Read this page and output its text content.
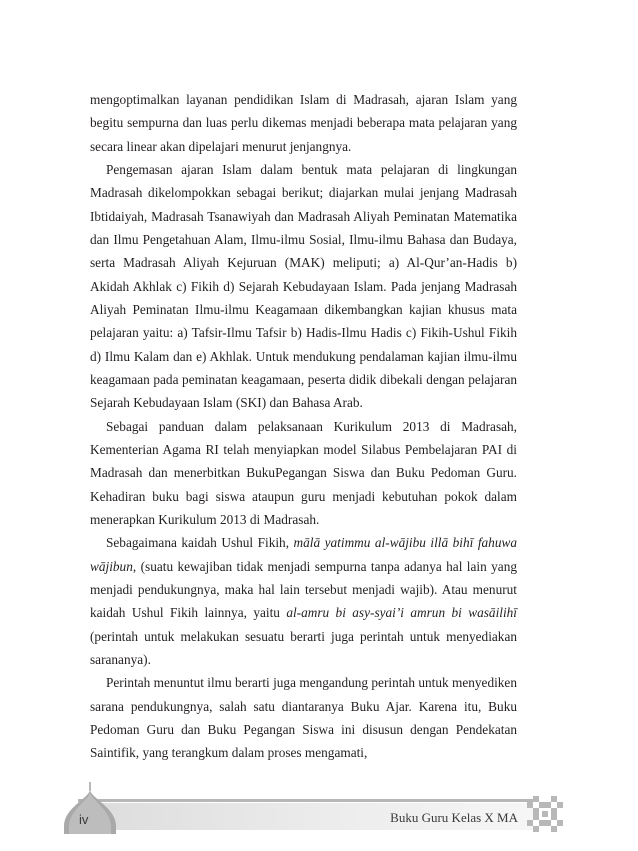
mengoptimalkan layanan pendidikan Islam di Madrasah, ajaran Islam yang begitu sempurna dan luas perlu dikemas menjadi beberapa mata pelajaran yang secara linear akan dipelajari menurut jenjangnya.

Pengemasan ajaran Islam dalam bentuk mata pelajaran di lingkungan Madrasah dikelompokkan sebagai berikut; diajarkan mulai jenjang Madrasah Ibtidaiyah, Madrasah Tsanawiyah dan Madrasah Aliyah Peminatan Matematika dan Ilmu Pengetahuan Alam, Ilmu-ilmu Sosial, Ilmu-ilmu Bahasa dan Budaya, serta Madrasah Aliyah Kejuruan (MAK) meliputi; a) Al-Qur’an-Hadis b) Akidah Akhlak c) Fikih d) Sejarah Kebudayaan Islam. Pada jenjang Madrasah Aliyah Peminatan Ilmu-ilmu Keagamaan dikembangkan kajian khusus mata pelajaran yaitu: a) Tafsir-Ilmu Tafsir b) Hadis-Ilmu Hadis c) Fikih-Ushul Fikih d) Ilmu Kalam dan e) Akhlak. Untuk mendukung pendalaman kajian ilmu-ilmu keagamaan pada peminatan keagamaan, peserta didik dibekali dengan pelajaran Sejarah Kebudayaan Islam (SKI) dan Bahasa Arab.

Sebagai panduan dalam pelaksanaan Kurikulum 2013 di Madrasah, Kementerian Agama RI telah menyiapkan model Silabus Pembelajaran PAI di Madrasah dan menerbitkan BukuPegangan Siswa dan Buku Pedoman Guru. Kehadiran buku bagi siswa ataupun guru menjadi kebutuhan pokok dalam menerapkan Kurikulum 2013 di Madrasah.

Sebagaimana kaidah Ushul Fikih, mālā yatimmu al-wājibu illā bihī fahuwa wājibun, (suatu kewajiban tidak menjadi sempurna tanpa adanya hal lain yang menjadi pendukungnya, maka hal lain tersebut menjadi wajib). Atau menurut kaidah Ushul Fikih lainnya, yaitu al-amru bi asy-syai’i amrun bi wasāilihī (perintah untuk melakukan sesuatu berarti juga perintah untuk menyediakan sarananya).

Perintah menuntut ilmu berarti juga mengandung perintah untuk menyediken sarana pendukungnya, salah satu diantaranya Buku Ajar. Karena itu, Buku Pedoman Guru dan Buku Pegangan Siswa ini disusun dengan Pendekatan Saintifik, yang terangkum dalam proses mengamati,

iv	Buku Guru Kelas X MA
